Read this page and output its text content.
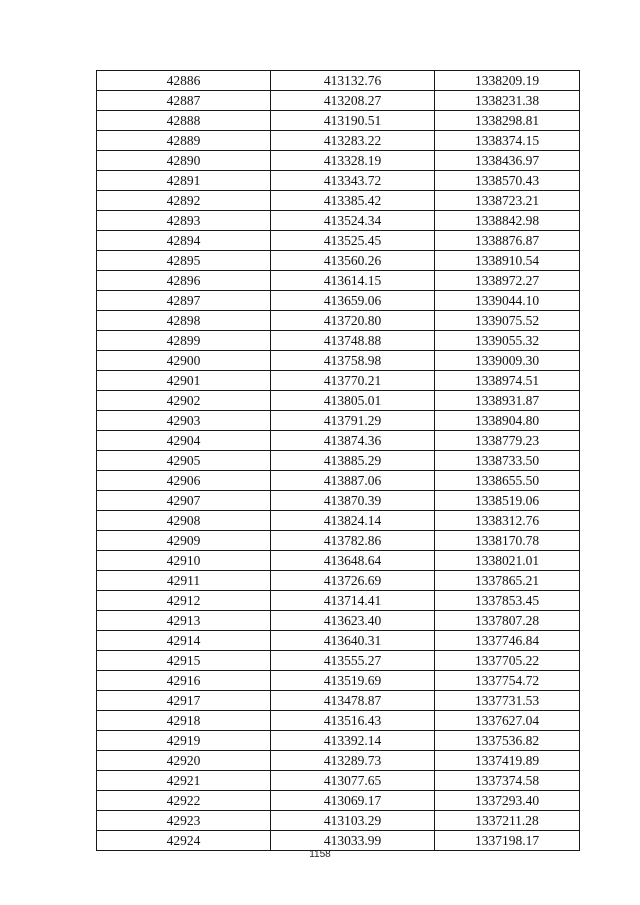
42886	413132.76	1338209.19
42887	413208.27	1338231.38
42888	413190.51	1338298.81
42889	413283.22	1338374.15
42890	413328.19	1338436.97
42891	413343.72	1338570.43
42892	413385.42	1338723.21
42893	413524.34	1338842.98
42894	413525.45	1338876.87
42895	413560.26	1338910.54
42896	413614.15	1338972.27
42897	413659.06	1339044.10
42898	413720.80	1339075.52
42899	413748.88	1339055.32
42900	413758.98	1339009.30
42901	413770.21	1338974.51
42902	413805.01	1338931.87
42903	413791.29	1338904.80
42904	413874.36	1338779.23
42905	413885.29	1338733.50
42906	413887.06	1338655.50
42907	413870.39	1338519.06
42908	413824.14	1338312.76
42909	413782.86	1338170.78
42910	413648.64	1338021.01
42911	413726.69	1337865.21
42912	413714.41	1337853.45
42913	413623.40	1337807.28
42914	413640.31	1337746.84
42915	413555.27	1337705.22
42916	413519.69	1337754.72
42917	413478.87	1337731.53
42918	413516.43	1337627.04
42919	413392.14	1337536.82
42920	413289.73	1337419.89
42921	413077.65	1337374.58
42922	413069.17	1337293.40
42923	413103.29	1337211.28
42924	413033.99	1337198.17
1158
